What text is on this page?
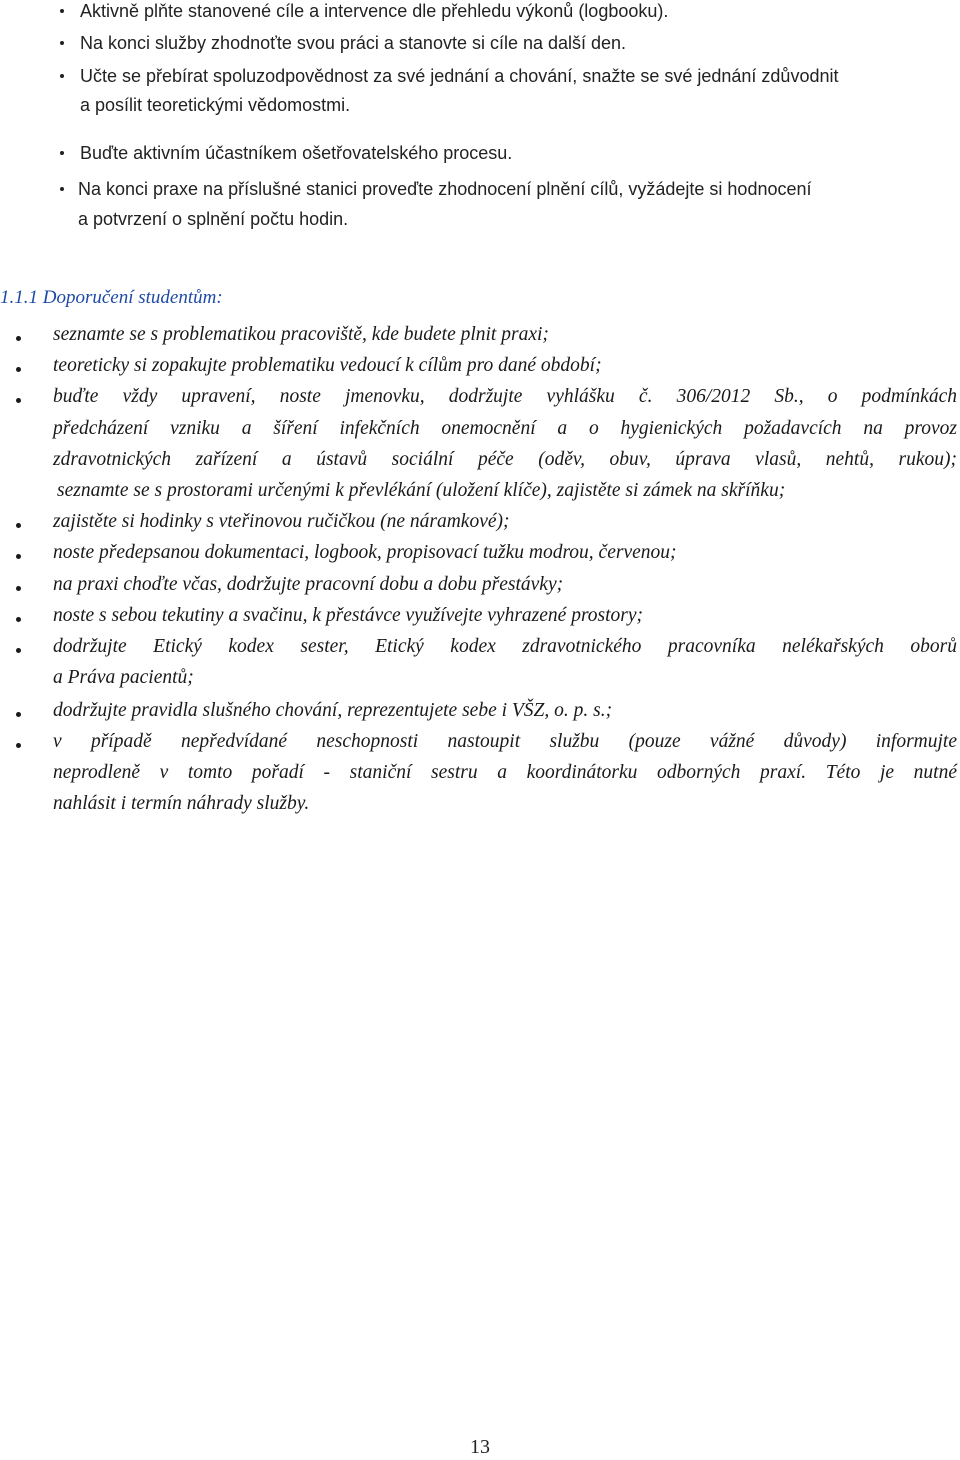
Aktivně plňte stanovené cíle a intervence dle přehledu výkonů (logbooku).
Na konci služby zhodnoťte svou práci a stanovte si cíle na další den.
Učte se přebírat spoluzodpovědnost za své jednání a chování, snažte se své jednání zdůvodnit
a posílit teoretickými vědomostmi.
Buďte aktivním účastníkem ošetřovatelského procesu.
Na konci praxe na příslušné stanici proveďte zhodnocení plnění cílů, vyžádejte si hodnocení
a potvrzení o splnění počtu hodin.
1.1.1 Doporučení studentům:
seznamte se s problematikou pracoviště, kde budete plnit praxi;
teoreticky si zopakujte problematiku vedoucí k cílům pro dané období;
buďte vždy upravení, noste jmenovku, dodržujte vyhlášku č. 306/2012 Sb., o podmínkách
předcházení vzniku a šíření infekčních onemocnění a o hygienických požadavcích na provoz
zdravotnických zařízení a ústavů sociální péče (oděv, obuv, úprava vlasů, nehtů, rukou);
seznamte se s prostorami určenými k převlékání (uložení klíče), zajistěte si zámek na skříňku;
zajistěte si hodinky s vteřinovou ručičkou (ne náramkové);
noste předepsanou dokumentaci, logbook, propisovací tužku modrou, červenou;
na praxi choďte včas, dodržujte pracovní dobu a dobu přestávky;
noste s sebou tekutiny a svačinu, k přestávce využívejte vyhrazené prostory;
dodržujte Etický kodex sester, Etický kodex zdravotnického pracovníka nelékařských oborů
a Práva pacientů;
dodržujte pravidla slušného chování, reprezentujete sebe i VŠZ, o. p. s.;
v případě nepředvídané neschopnosti nastoupit službu (pouze vážné důvody) informujte
neprodleně v tomto pořadí - staniční sestru a koordinátorku odborných praxí. Této je nutné
nahlásit i termín náhrady služby.
13
